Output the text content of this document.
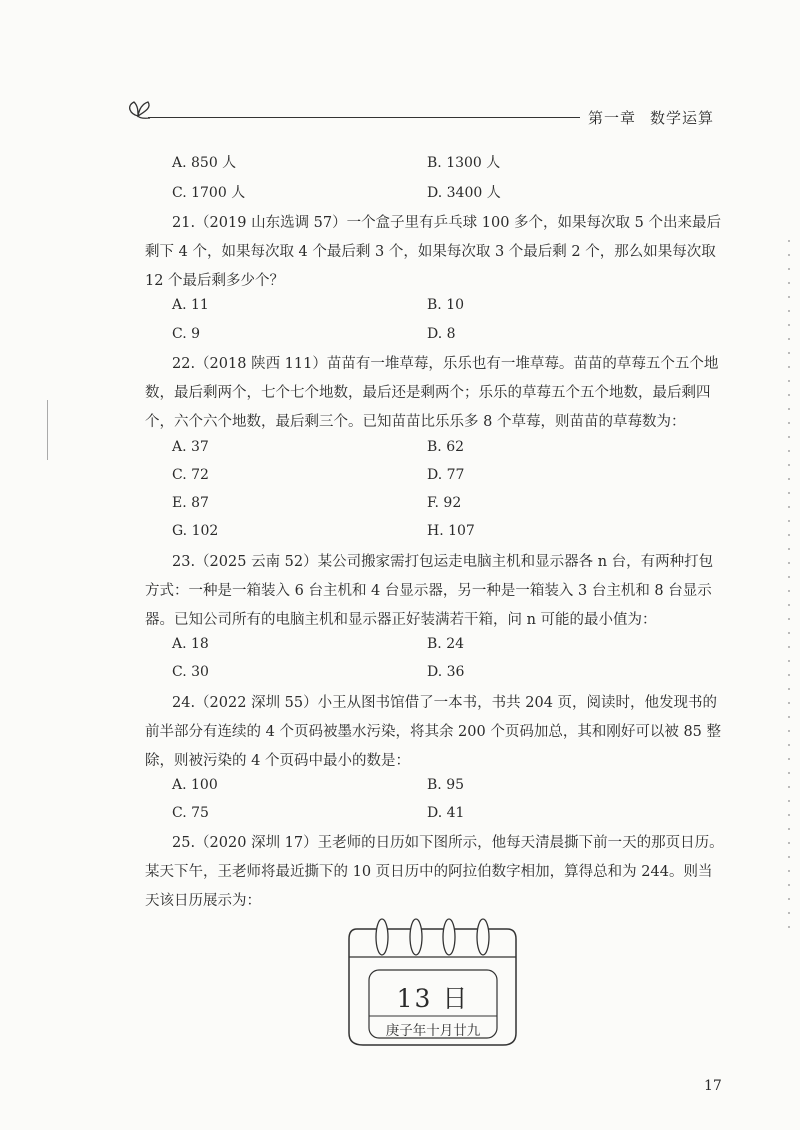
第一章 数学运算
A. 850 人	B. 1300 人
C. 1700 人	D. 3400 人
21.（2019 山东选调 57）一个盒子里有乒乓球 100 多个，如果每次取 5 个出来最后剩下 4 个，如果每次取 4 个最后剩 3 个，如果每次取 3 个最后剩 2 个，那么如果每次取 12 个最后剩多少个？
A. 11	B. 10
C. 9	D. 8
22.（2018 陕西 111）苗苗有一堆草莓，乐乐也有一堆草莓。苗苗的草莓五个五个地数，最后剩两个，七个七个地数，最后还是剩两个；乐乐的草莓五个五个地数，最后剩四个，六个六个地数，最后剩三个。已知苗苗比乐乐多 8 个草莓，则苗苗的草莓数为：
A. 37	B. 62
C. 72	D. 77
E. 87	F. 92
G. 102	H. 107
23.（2025 云南 52）某公司搬家需打包运走电脑主机和显示器各 n 台，有两种打包方式：一种是一箱装入 6 台主机和 4 台显示器，另一种是一箱装入 3 台主机和 8 台显示器。已知公司所有的电脑主机和显示器正好装满若干箱，问 n 可能的最小值为：
A. 18	B. 24
C. 30	D. 36
24.（2022 深圳 55）小王从图书馆借了一本书，书共 204 页，阅读时，他发现书的前半部分有连续的 4 个页码被墨水污染，将其余 200 个页码加总，其和刚好可以被 85 整除，则被污染的 4 个页码中最小的数是：
A. 100	B. 95
C. 75	D. 41
25.（2020 深圳 17）王老师的日历如下图所示，他每天清晨撕下前一天的那页日历。某天下午，王老师将最近撕下的 10 页日历中的阿拉伯数字相加，算得总和为 244。则当天该日历展示为：
13 日
庚子年十月廿九
17
